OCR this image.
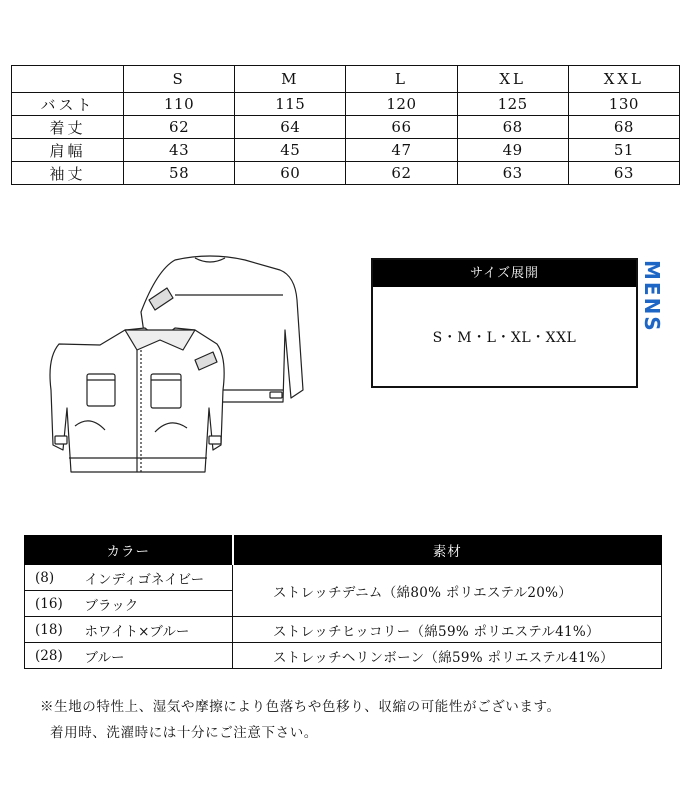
	S	M	L	XL	XXL
バスト	110	115	120	125	130
着丈	62	64	66	68	68
肩幅	43	45	47	49	51
袖丈	58	60	62	63	63
サイズ展開
S・M・L・XL・XXL
MENS
カラー		素材
(8)	インディゴネイビー	ストレッチデニム（綿80% ポリエステル20%）
(16)	ブラック	
(18)	ホワイト×ブルー	ストレッチヒッコリー（綿59% ポリエステル41%）
(28)	ブルー	ストレッチヘリンボーン（綿59% ポリエステル41%）
※生地の特性上、湿気や摩擦により色落ちや色移り、収縮の可能性がございます。
着用時、洗濯時には十分にご注意下さい。
